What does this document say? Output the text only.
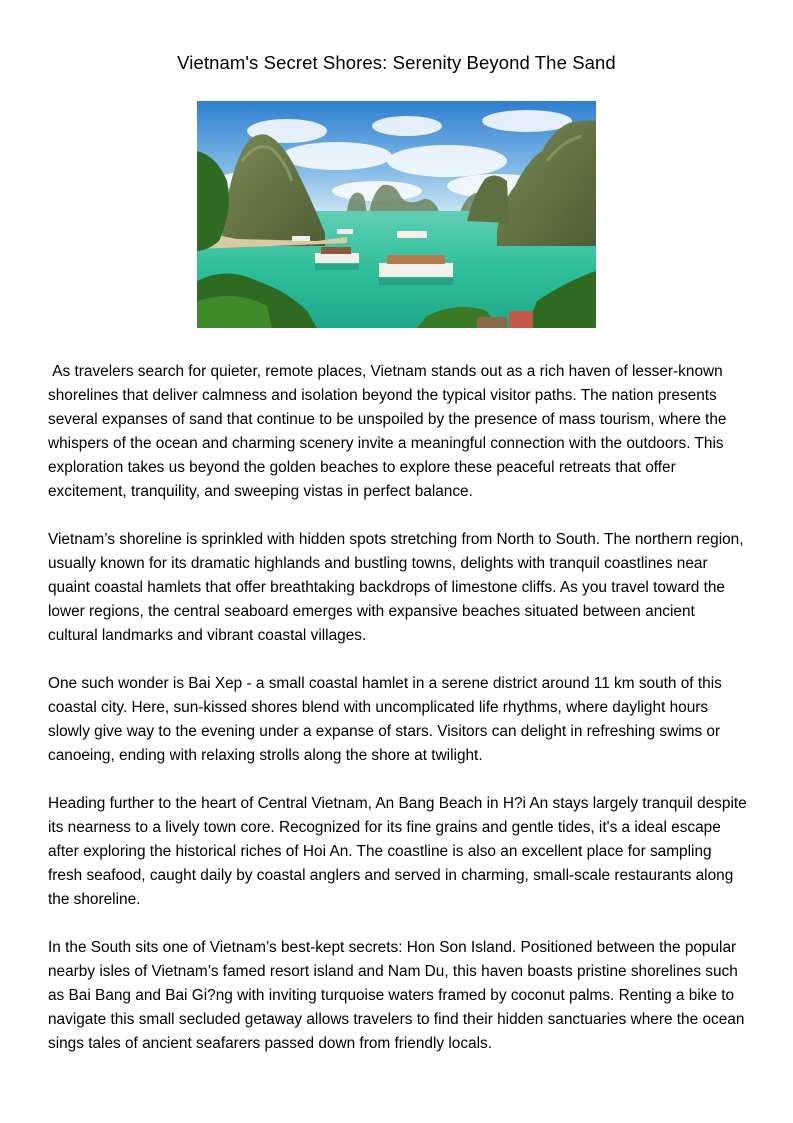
Vietnam's Secret Shores: Serenity Beyond The Sand

As travelers search for quieter, remote places, Vietnam stands out as a rich haven of lesser-known shorelines that deliver calmness and isolation beyond the typical visitor paths. The nation presents several expanses of sand that continue to be unspoiled by the presence of mass tourism, where the whispers of the ocean and charming scenery invite a meaningful connection with the outdoors. This exploration takes us beyond the golden beaches to explore these peaceful retreats that offer excitement, tranquility, and sweeping vistas in perfect balance.

Vietnam’s shoreline is sprinkled with hidden spots stretching from North to South. The northern region, usually known for its dramatic highlands and bustling towns, delights with tranquil coastlines near quaint coastal hamlets that offer breathtaking backdrops of limestone cliffs. As you travel toward the lower regions, the central seaboard emerges with expansive beaches situated between ancient cultural landmarks and vibrant coastal villages.

One such wonder is Bai Xep - a small coastal hamlet in a serene district around 11 km south of this coastal city. Here, sun-kissed shores blend with uncomplicated life rhythms, where daylight hours slowly give way to the evening under a expanse of stars. Visitors can delight in refreshing swims or canoeing, ending with relaxing strolls along the shore at twilight.

Heading further to the heart of Central Vietnam, An Bang Beach in H?i An stays largely tranquil despite its nearness to a lively town core. Recognized for its fine grains and gentle tides, it's a ideal escape after exploring the historical riches of Hoi An. The coastline is also an excellent place for sampling fresh seafood, caught daily by coastal anglers and served in charming, small-scale restaurants along the shoreline.

In the South sits one of Vietnam’s best-kept secrets: Hon Son Island. Positioned between the popular nearby isles of Vietnam’s famed resort island and Nam Du, this haven boasts pristine shorelines such as Bai Bang and Bai Gi?ng with inviting turquoise waters framed by coconut palms. Renting a bike to navigate this small secluded getaway allows travelers to find their hidden sanctuaries where the ocean sings tales of ancient seafarers passed down from friendly locals.
